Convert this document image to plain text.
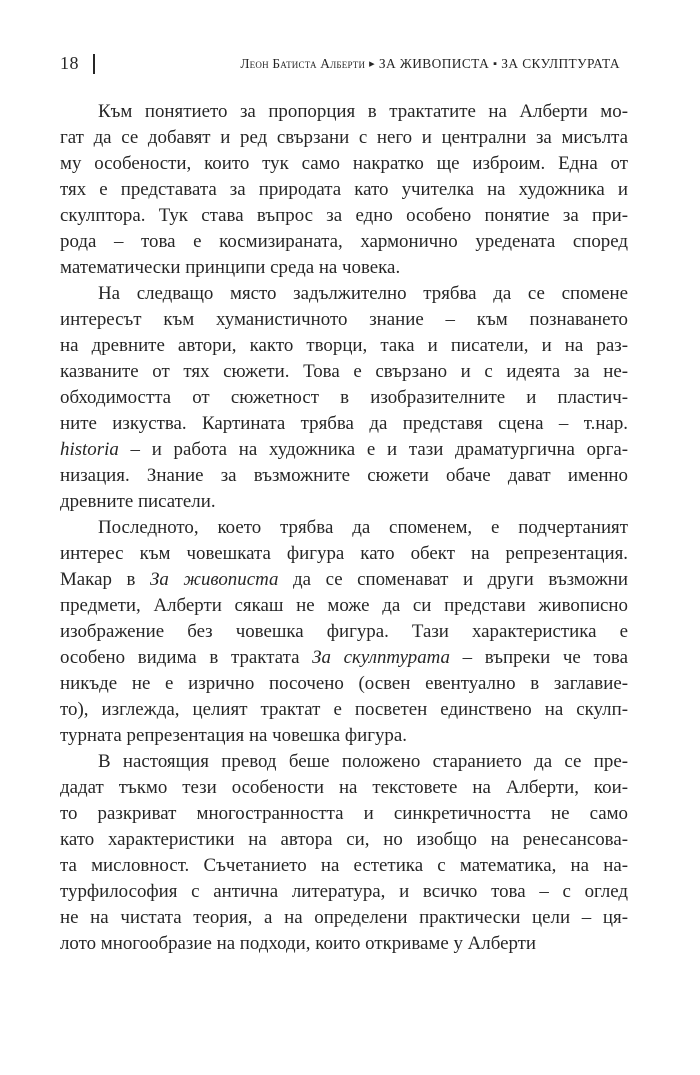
18	Леон Батиста Алберти ▸ ЗА ЖИВОПИСТА ▪ ЗА СКУЛПТУРАТА
Към понятието за пропорция в трактатите на Алберти мо-
гат да се добавят и ред свързани с него и централни за мисълта
му особености, които тук само накратко ще изброим. Една от
тях е представата за природата като учителка на художника и
скулптора. Тук става въпрос за едно особено понятие за при-
рода – това е космизираната, хармонично уредената според
математически принципи среда на човека.
На следващо място задължително трябва да се спомене
интересът към хуманистичното знание – към познаването
на древните автори, както творци, така и писатели, и на раз-
казваните от тях сюжети. Това е свързано и с идеята за не-
обходимостта от сюжетност в изобразителните и пластич-
ните изкуства. Картината трябва да представя сцена – т.нар.
historia – и работа на художника е и тази драматургична орга-
низация. Знание за възможните сюжети обаче дават именно
древните писатели.
Последното, което трябва да споменем, е подчертаният
интерес към човешката фигура като обект на репрезентация.
Макар в За живописта да се споменават и други възможни
предмети, Алберти сякаш не може да си представи живописно
изображение без човешка фигура. Тази характеристика е
особено видима в трактата За скулптурата – въпреки че това
никъде не е изрично посочено (освен евентуално в заглавие-
то), изглежда, целият трактат е посветен единствено на скулп-
турната репрезентация на човешка фигура.
В настоящия превод беше положено старанието да се пре-
дадат тъкмо тези особености на текстовете на Алберти, кои-
то разкриват многостранността и синкретичността не само
като характеристики на автора си, но изобщо на ренесансова-
та мисловност. Съчетанието на естетика с математика, на на-
турфилософия с антична литература, и всичко това – с оглед
не на чистата теория, а на определени практически цели – ця-
лото многообразие на подходи, които откриваме у Алберти
